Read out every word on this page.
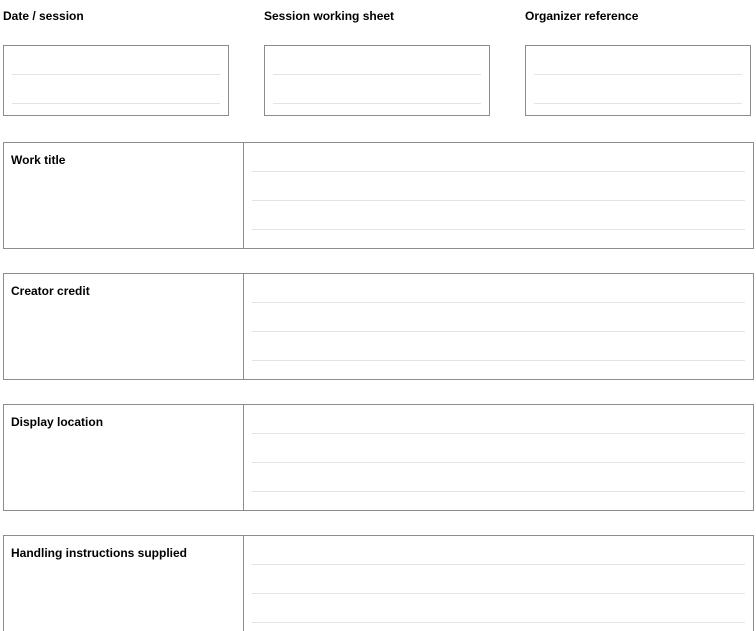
Date / session	Session working sheet	Organizer reference
Work title
Creator credit
Display location
Handling instructions supplied
